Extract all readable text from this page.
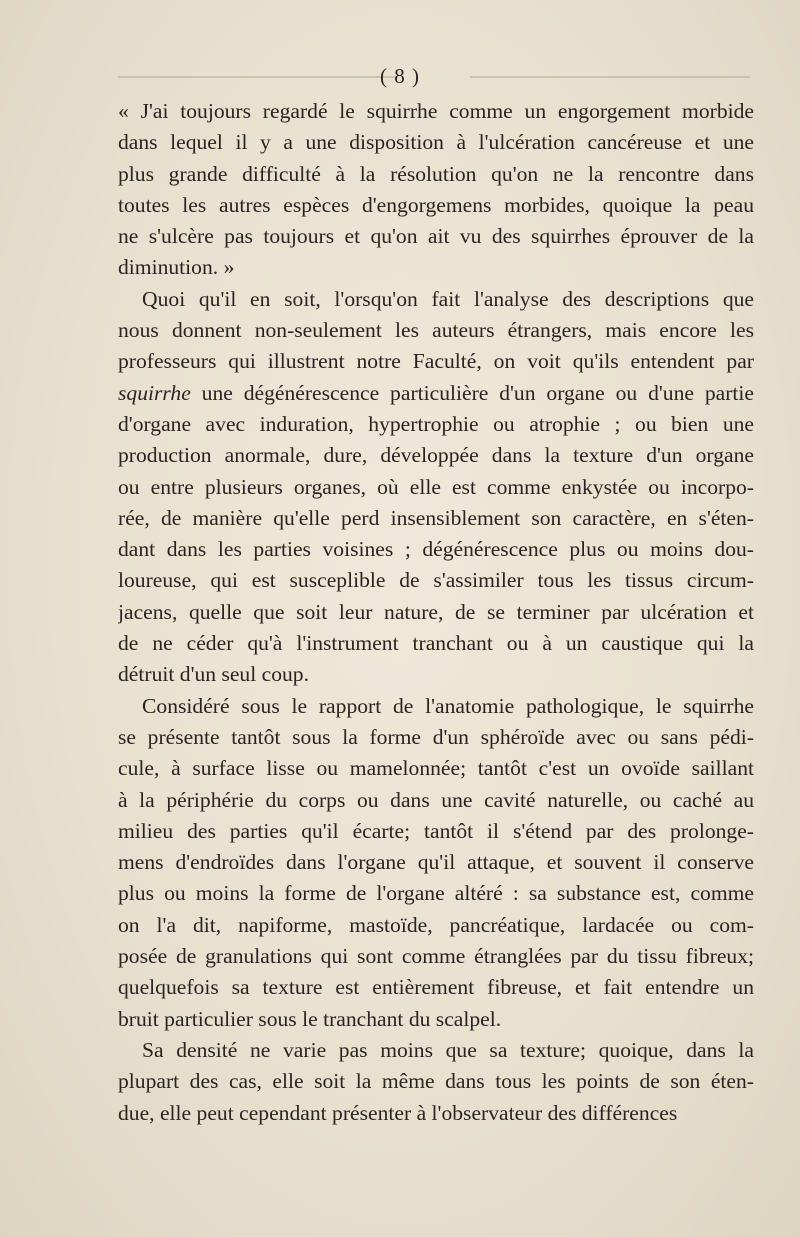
( 8 )
« J'ai toujours regardé le squirrhe comme un engorgement morbide
dans lequel il y a une disposition à l'ulcération cancéreuse et une
plus grande difficulté à la résolution qu'on ne la rencontre dans
toutes les autres espèces d'engorgemens morbides, quoique la peau
ne s'ulcère pas toujours et qu'on ait vu des squirrhes éprouver de la
diminution. »
Quoi qu'il en soit, l'orsqu'on fait l'analyse des descriptions que
nous donnent non-seulement les auteurs étrangers, mais encore les
professeurs qui illustrent notre Faculté, on voit qu'ils entendent par
squirrhe une dégénérescence particulière d'un organe ou d'une partie
d'organe avec induration, hypertrophie ou atrophie ; ou bien une
production anormale, dure, développée dans la texture d'un organe
ou entre plusieurs organes, où elle est comme enkystée ou incorpo-
rée, de manière qu'elle perd insensiblement son caractère, en s'éten-
dant dans les parties voisines ; dégénérescence plus ou moins dou-
loureuse, qui est susceplible de s'assimiler tous les tissus circum-
jacens, quelle que soit leur nature, de se terminer par ulcération et
de ne céder qu'à l'instrument tranchant ou à un caustique qui la
détruit d'un seul coup.
Considéré sous le rapport de l'anatomie pathologique, le squirrhe
se présente tantôt sous la forme d'un sphéroïde avec ou sans pédi-
cule, à surface lisse ou mamelonnée; tantôt c'est un ovoïde saillant
à la périphérie du corps ou dans une cavité naturelle, ou caché au
milieu des parties qu'il écarte; tantôt il s'étend par des prolonge-
mens d'endroïdes dans l'organe qu'il attaque, et souvent il conserve
plus ou moins la forme de l'organe altéré : sa substance est, comme
on l'a dit, napiforme, mastoïde, pancréatique, lardacée ou com-
posée de granulations qui sont comme étranglées par du tissu fibreux;
quelquefois sa texture est entièrement fibreuse, et fait entendre un
bruit particulier sous le tranchant du scalpel.
Sa densité ne varie pas moins que sa texture; quoique, dans la
plupart des cas, elle soit la même dans tous les points de son éten-
due, elle peut cependant présenter à l'observateur des différences
